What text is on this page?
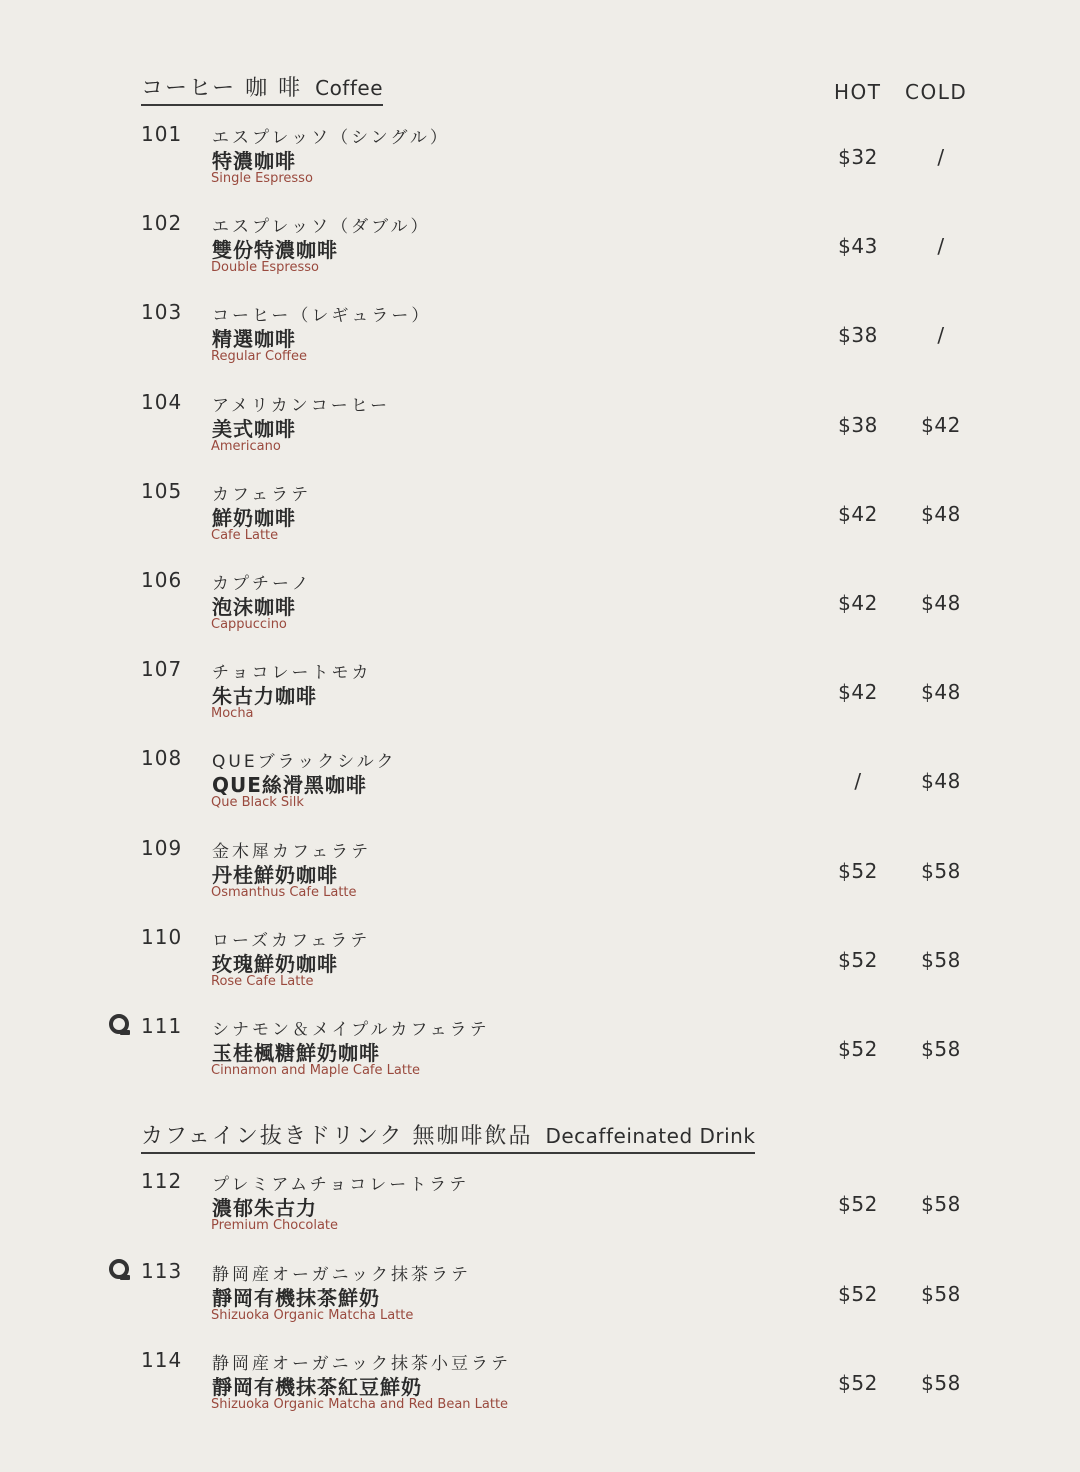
コーヒー 咖 啡 Coffee	HOT COLD
101 エスプレッソ（シングル）
特濃咖啡
Single Espresso
$32	/
102 エスプレッソ（ダブル）
雙份特濃咖啡
Double Espresso
$43	/
103 コーヒー（レギュラー）
精選咖啡
Regular Coffee
$38	/
104 アメリカンコーヒー
美式咖啡
Americano
$38	$42
105 カフェラテ
鮮奶咖啡
Cafe Latte
$42	$48
106 カプチーノ
泡沫咖啡
Cappuccino
$42	$48
107 チョコレートモカ
朱古力咖啡
Mocha
$42	$48
108 QUEブラックシルク
QUE絲滑黑咖啡
Que Black Silk
/	$48
109 金木犀カフェラテ
丹桂鮮奶咖啡
Osmanthus Cafe Latte
$52	$58
110 ローズカフェラテ
玫瑰鮮奶咖啡
Rose Cafe Latte
$52	$58
111 シナモン＆メイプルカフェラテ
玉桂楓糖鮮奶咖啡
Cinnamon and Maple Cafe Latte
$52	$58
カフェイン抜きドリンク 無咖啡飲品 Decaffeinated Drink
112 プレミアムチョコレートラテ
濃郁朱古力
Premium Chocolate
$52	$58
113 静岡産オーガニック抹茶ラテ
靜岡有機抹茶鮮奶
Shizuoka Organic Matcha Latte
$52	$58
114 静岡産オーガニック抹茶小豆ラテ
靜岡有機抹茶紅豆鮮奶
Shizuoka Organic Matcha and Red Bean Latte
$52	$58
